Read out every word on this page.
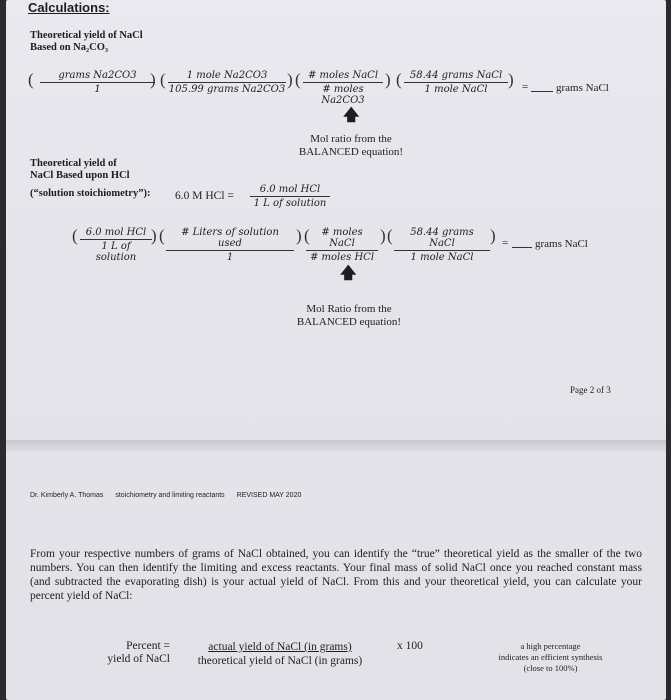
Calculations:
Theoretical yield of NaCl
Based on Na₂CO₃
(	grams Na2CO3
1
) (	1 mole Na2CO3
105.99 grams Na2CO3
) ( # moles NaCl
# moles Na2CO3
) ( 58.44 grams NaCl
1 mole NaCl
) =	grams NaCl
🡅
Mol ratio from the
BALANCED equation!
Theoretical yield of
NaCl Based upon HCl
(“solution stoichiometry”): 6.0 M HCl =
6.0 mol HCl
1 L of solution
( 6.0 mol HCl
1 L of solution
) (	# Liters of solution used
1
) (	# moles NaCl
# moles HCl
) (	58.44 grams NaCl
1 mole NaCl
) = grams NaCl
🡅
Mol Ratio from the
BALANCED equation!
Page 2 of 3
Dr. Kimberly A. Thomas stoichiometry and limiting reactants REVISED MAY 2020
From your respective numbers of grams of NaCl obtained, you can identify the “true” theoretical yield as the smaller of the two numbers. You can then identify the limiting and excess reactants. Your final mass of solid NaCl once you reached constant mass (and subtracted the evaporating dish) is your actual yield of NaCl. From this and your theoretical yield, you can calculate your percent yield of NaCl:
Percent =
yield of NaCl
actual yield of NaCl (in grams)
theoretical yield of NaCl (in grams)
x 100	a high percentage
indicates an efficient synthesis
(close to 100%)
